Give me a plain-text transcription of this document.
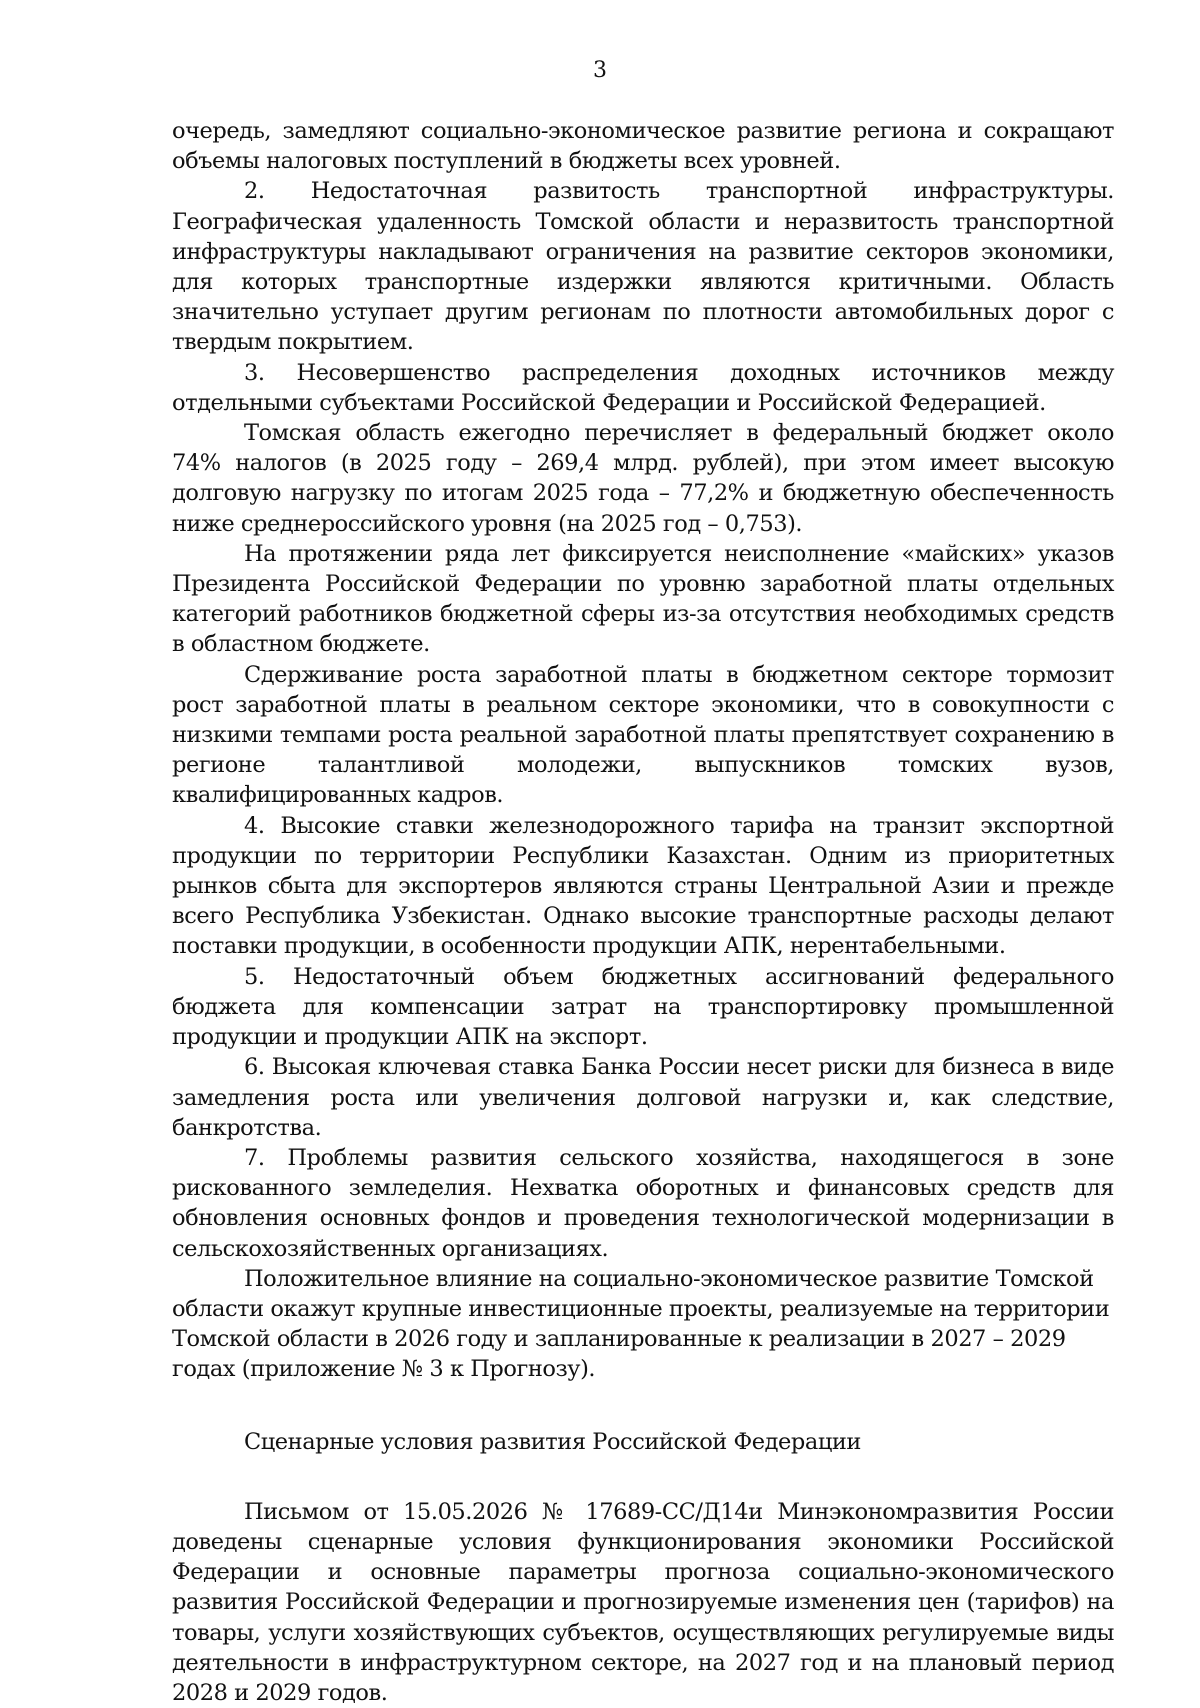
3

очередь, замедляют социально-экономическое развитие региона и сокращают объемы налоговых поступлений в бюджеты всех уровней.

2. Недостаточная развитость транспортной инфраструктуры. Географическая удаленность Томской области и неразвитость транспортной инфраструктуры накладывают ограничения на развитие секторов экономики, для которых транспортные издержки являются критичными. Область значительно уступает другим регионам по плотности автомобильных дорог с твердым покрытием.

3. Несовершенство распределения доходных источников между отдельными субъектами Российской Федерации и Российской Федерацией.

Томская область ежегодно перечисляет в федеральный бюджет около 74% налогов (в 2025 году – 269,4 млрд. рублей), при этом имеет высокую долговую нагрузку по итогам 2025 года – 77,2% и бюджетную обеспеченность ниже среднероссийского уровня (на 2025 год – 0,753).

На протяжении ряда лет фиксируется неисполнение «майских» указов Президента Российской Федерации по уровню заработной платы отдельных категорий работников бюджетной сферы из-за отсутствия необходимых средств в областном бюджете.

Сдерживание роста заработной платы в бюджетном секторе тормозит рост заработной платы в реальном секторе экономики, что в совокупности с низкими темпами роста реальной заработной платы препятствует сохранению в регионе талантливой молодежи, выпускников томских вузов, квалифицированных кадров.

4. Высокие ставки железнодорожного тарифа на транзит экспортной продукции по территории Республики Казахстан. Одним из приоритетных рынков сбыта для экспортеров являются страны Центральной Азии и прежде всего Республика Узбекистан. Однако высокие транспортные расходы делают поставки продукции, в особенности продукции АПК, нерентабельными.

5. Недостаточный объем бюджетных ассигнований федерального бюджета для компенсации затрат на транспортировку промышленной продукции и продукции АПК на экспорт.

6. Высокая ключевая ставка Банка России несет риски для бизнеса в виде замедления роста или увеличения долговой нагрузки и, как следствие, банкротства.

7. Проблемы развития сельского хозяйства, находящегося в зоне рискованного земледелия. Нехватка оборотных и финансовых средств для обновления основных фондов и проведения технологической модернизации в сельскохозяйственных организациях.

Положительное влияние на социально-экономическое развитие Томской области окажут крупные инвестиционные проекты, реализуемые на территории Томской области в 2026 году и запланированные к реализации в 2027 – 2029 годах (приложение № 3 к Прогнозу).

Сценарные условия развития Российской Федерации

Письмом от 15.05.2026 № 17689-СС/Д14и Минэкономразвития России доведены сценарные условия функционирования экономики Российской Федерации и основные параметры прогноза социально-экономического развития Российской Федерации и прогнозируемые изменения цен (тарифов) на товары, услуги хозяйствующих субъектов, осуществляющих регулируемые виды деятельности в инфраструктурном секторе, на 2027 год и на плановый период 2028 и 2029 годов.
